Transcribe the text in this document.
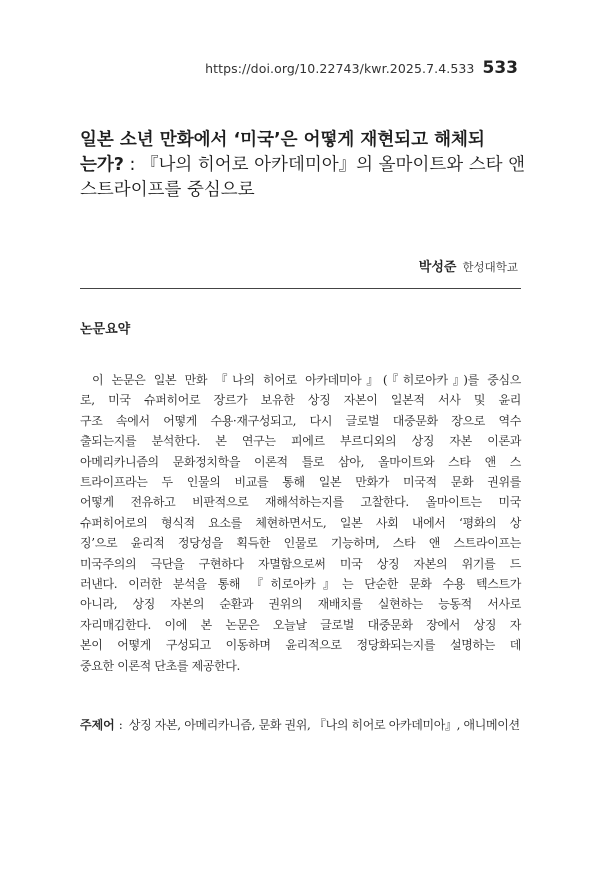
https://doi.org/10.22743/kwr.2025.7.4.533 533

일본 소년 만화에서 ‘미국’은 어떻게 재현되고 해체되

는가? : 『나의 히어로 아카데미아』의 올마이트와 스타 앤

스트라이프를 중심으로

박성준 한성대학교
논문요약

이 논문은 일본 만화 『나의 히어로 아카데미아』(『히로아카』)를 중심으
로, 미국 슈퍼히어로 장르가 보유한 상징 자본이 일본적 서사 및 윤리
구조 속에서 어떻게 수용·재구성되고, 다시 글로벌 대중문화 장으로 역수
출되는지를 분석한다. 본 연구는 피에르 부르디외의 상징 자본 이론과
아메리카니즘의 문화정치학을 이론적 틀로 삼아, 올마이트와 스타 앤 스
트라이프라는 두 인물의 비교를 통해 일본 만화가 미국적 문화 권위를
어떻게 전유하고 비판적으로 재해석하는지를 고찰한다. 올마이트는 미국
슈퍼히어로의 형식적 요소를 체현하면서도, 일본 사회 내에서 ‘평화의 상
징’으로 윤리적 정당성을 획득한 인물로 기능하며, 스타 앤 스트라이프는
미국주의의 극단을 구현하다 자멸함으로써 미국 상징 자본의 위기를 드
러낸다. 이러한 분석을 통해 『히로아카』는 단순한 문화 수용 텍스트가
아니라, 상징 자본의 순환과 권위의 재배치를 실현하는 능동적 서사로
자리매김한다. 이에 본 논문은 오늘날 글로벌 대중문화 장에서 상징 자
본이 어떻게 구성되고 이동하며 윤리적으로 정당화되는지를 설명하는 데
중요한 이론적 단초를 제공한다.

주제어 : 상징 자본, 아메리카니즘, 문화 권위, 『나의 히어로 아카데미아』, 애니메이션
